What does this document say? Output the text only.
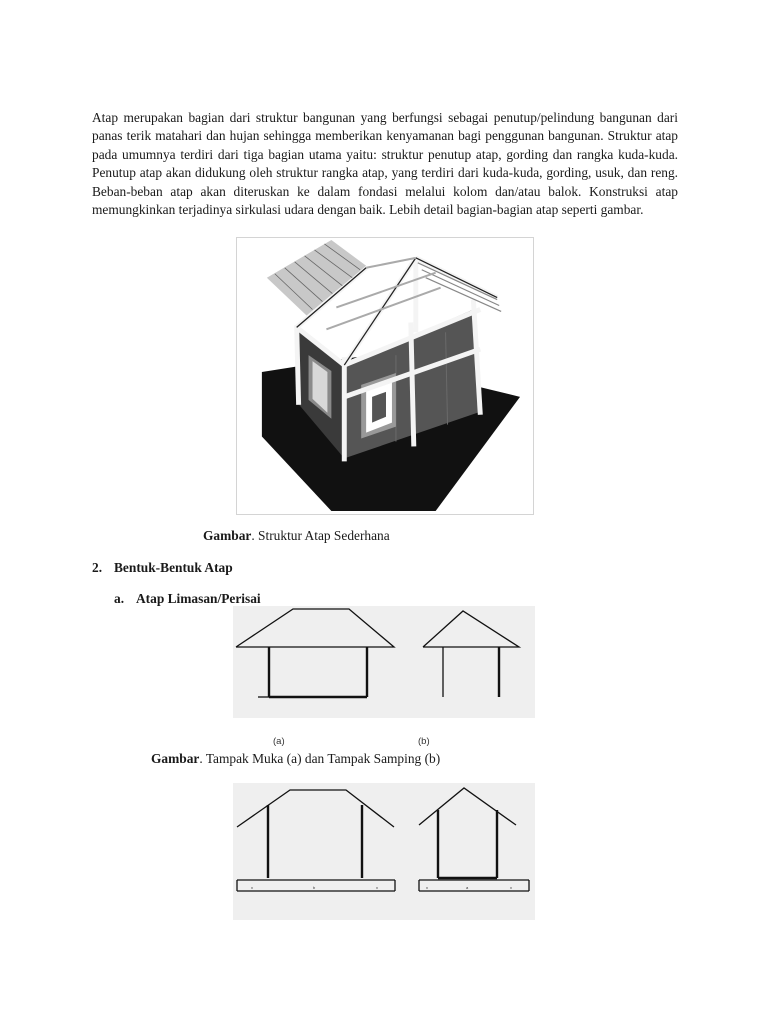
Atap merupakan bagian dari struktur bangunan yang berfungsi sebagai penutup/pelindung bangunan dari panas terik matahari dan hujan sehingga memberikan kenyamanan bagi penggunan bangunan. Struktur atap pada umumnya terdiri dari tiga bagian utama yaitu: struktur penutup atap, gording dan rangka kuda-kuda. Penutup atap akan didukung oleh struktur rangka atap, yang terdiri dari kuda-kuda, gording, usuk, dan reng. Beban-beban atap akan diteruskan ke dalam fondasi melalui kolom dan/atau balok. Konstruksi atap memungkinkan terjadinya sirkulasi udara dengan baik. Lebih detail bagian-bagian atap seperti gambar.

Gambar. Struktur Atap Sederhana
2. Bentuk-Bentuk Atap
a. Atap Limasan/Perisai
(a)	(b)
Gambar. Tampak Muka (a) dan Tampak Samping (b)
x	b	x	x	a	x
